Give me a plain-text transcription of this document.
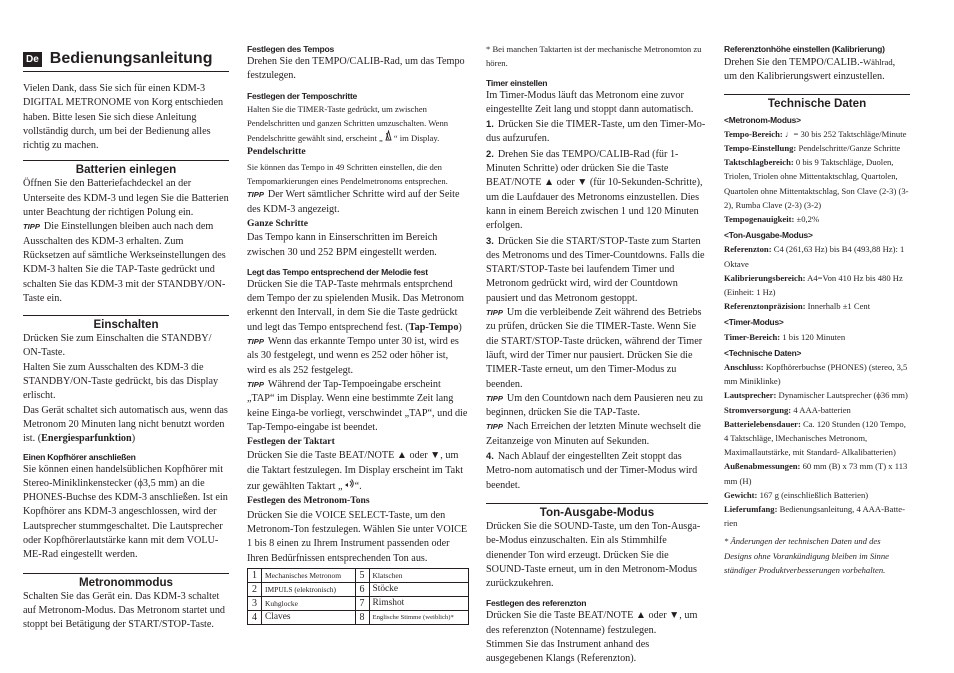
De Bedienungsanleitung

Vielen Dank, dass Sie sich für einen KDM-3 DIGITAL METRONOME von Korg entschieden haben. Bitte lesen Sie sich diese Anleitung vollständig durch, um bei der Bedienung alles richtig zu machen.

Batterien einlegen

Öffnen Sie den Batteriefachdeckel an der Unterseite des KDM-3 und legen Sie die Batterien unter Beachtung der richtigen Polung ein.

TIPP Die Einstellungen bleiben auch nach dem Ausschalten des KDM-3 erhalten. Zum Rücksetzen auf sämtliche Werkseinstellungen des KDM-3 halten Sie die TAP-Taste gedrückt und schalten Sie das KDM-3 mit der STANDBY/ON-Taste ein.

Einschalten

Drücken Sie zum Einschalten die STANDBY/ ON-Taste.

Halten Sie zum Ausschalten des KDM-3 die STANDBY/ON-Taste gedrückt, bis das Display erlischt.

Das Gerät schaltet sich automatisch aus, wenn das Metronom 20 Minuten lang nicht benutzt worden ist. (Energiesparfunktion)

Einen Kopfhörer anschließen

Sie können einen handelsüblichen Kopfhörer mit Stereo-Miniklinkenstecker (ϕ3,5 mm) an die PHONES-Buchse des KDM-3 anschließen. Ist ein Kopfhörer ans KDM-3 angeschlossen, wird der Lautsprecher stummgeschaltet. Die Lautsprecher oder Kopfhörerlautstärke kann mit dem VOLU-ME-Rad eingestellt werden.

Metronommodus

Schalten Sie das Gerät ein. Das KDM-3 schaltet auf Metronom-Modus. Das Metronom startet und stoppt bei Betätigung der START/STOP-Taste.

Festlegen des Tempos

Drehen Sie den TEMPO/CALIB-Rad, um das Tempo festzulegen.

Festlegen der Temposchritte

Halten Sie die TIMER-Taste gedrückt, um zwischen Pendelschritten und ganzen Schritten umzuschalten. Wenn Pendelschritte gewählt sind, erscheint „ “ im Display.

Pendelschritte

Sie können das Tempo in 49 Schritten einstellen, die den Tempomarkierungen eines Pendelmetronoms entsprechen.

TIPP Der Wert sämtlicher Schritte wird auf der Seite des KDM-3 angezeigt.

Ganze Schritte

Das Tempo kann in Einserschritten im Bereich zwischen 30 und 252 BPM eingestellt werden.

Legt das Tempo entsprechend der Melodie fest

Drücken Sie die TAP-Taste mehrmals entsprchend dem Tempo der zu spielenden Musik. Das Metronom erkennt den Intervall, in dem Sie die Taste gedrückt und legt das Tempo entsprechend fest. (Tap-Tempo)

TIPP Wenn das erkannte Tempo unter 30 ist, wird es als 30 festgelegt, und wenn es 252 oder höher ist, wird es als 252 festgelegt.

TIPP Während der Tap-Tempoeingabe erscheint „TAP“ im Display. Wenn eine bestimmte Zeit lang keine Einga-be vorliegt, verschwindet „TAP“, und die Tap-Tempo-eingabe ist beendet.

Festlegen der Taktart

Drücken Sie die Taste BEAT/NOTE ▲ oder ▼, um die Taktart festzulegen. Im Display erscheint im Takt zur gewählten Taktart „ “.

Festlegen des Metronom-Tons

Drücken Sie die VOICE SELECT-Taste, um den Metronom-Ton festzulegen. Wählen Sie unter VOICE 1 bis 8 einen zu Ihrem Instrument passenden oder Ihren Bedürfnissen entsprechenden Ton aus.

1	Mechanisches Metronom	5	Klatschen
2	IMPULS (elektronisch)	6	Stöcke
3	Kuhglocke	7	Rimshot
4	Claves	8	Englische Stimme (weiblich)*

* Bei manchen Taktarten ist der mechanische Metronomton zu hören.

Timer einstellen

Im Timer-Modus läuft das Metronom eine zuvor eingestellte Zeit lang und stoppt dann automatisch.

1. Drücken Sie die TIMER-Taste, um den Timer-Mo-dus aufzurufen.

2. Drehen Sie das TEMPO/CALIB-Rad (für 1-Minuten Schritte) oder drücken Sie die Taste BEAT/NOTE ▲ oder ▼ (für 10-Sekunden-Schritte), um die Laufdauer des Metronoms einzustellen. Dies kann in einem Bereich zwischen 1 und 120 Minuten erfolgen.

3. Drücken Sie die START/STOP-Taste zum Starten des Metronoms und des Timer-Countdowns. Falls die START/STOP-Taste bei laufendem Timer und Metronom gedrückt wird, wird der Countdown pausiert und das Metronom gestoppt.

TIPP Um die verbleibende Zeit während des Betriebs zu prüfen, drücken Sie die TIMER-Taste. Wenn Sie die START/STOP-Taste drücken, während der Timer läuft, wird der Timer nur pausiert. Drücken Sie die TIMER-Taste erneut, um den Timer-Modus zu beenden.

TIPP Um den Countdown nach dem Pausieren neu zu beginnen, drücken Sie die TAP-Taste.

TIPP Nach Erreichen der letzten Minute wechselt die Zeitanzeige von Minuten auf Sekunden.

4. Nach Ablauf der eingestellten Zeit stoppt das Metro-nom automatisch und der Timer-Modus wird beendet.

Ton-Ausgabe-Modus

Drücken Sie die SOUND-Taste, um den Ton-Ausga-be-Modus einzuschalten. Ein als Stimmhilfe dienender Ton wird erzeugt. Drücken Sie die SOUND-Taste erneut, um in den Metronom-Modus zurückzukehren.

Festlegen des referenzton

Drücken Sie die Taste BEAT/NOTE ▲ oder ▼, um des referenzton (Notenname) festzulegen.

Stimmen Sie das Instrument anhand des ausgegebenen Klangs (Referenzton).

Referenztonhöhe einstellen (Kalibrierung)

Drehen Sie den TEMPO/CALIB.-Wählrad, um den Kalibrierungswert einzustellen.

Technische Daten

<Metronom-Modus>

Tempo-Bereich: ♩= 30 bis 252 Taktschläge/Minute

Tempo-Einstellung: Pendelschritte/Ganze Schritte

Taktschlagbereich: 0 bis 9 Taktschläge, Duolen, Triolen, Triolen ohne Mittentaktschlag, Quartolen, Quartolen ohne Mittentaktschlag, Son Clave (2-3) (3-2), Rumba Clave (2-3) (3-2)

Tempogenauigkeit: ±0,2%

<Ton-Ausgabe-Modus>

Referenzton: C4 (261,63 Hz) bis B4 (493,88 Hz): 1 Oktave

Kalibrierungsbereich: A4=Von 410 Hz bis 480 Hz (Einheit: 1 Hz)

Referenztonpräzision: Innerhalb ±1 Cent

<Timer-Modus>

Timer-Bereich: 1 bis 120 Minuten

<Technische Daten>

Anschluss: Kopfhörerbuchse (PHONES) (stereo, 3,5 mm Miniklinke)

Lautsprecher: Dynamischer Lautsprecher (ϕ36 mm)

Stromversorgung: 4 AAA-batterien

Batterielebensdauer: Ca. 120 Stunden (120 Tempo, 4 Taktschläge, lMechanisches Metronom, Maximallautstärke, mit Standard- Alkalibatterien)

Außenabmessungen: 60 mm (B) x 73 mm (T) x 113 mm (H)

Gewicht: 167 g (einschließlich Batterien)

Lieferumfang: Bedienungsanleitung, 4 AAA-Batte-rien

* Änderungen der technischen Daten und des Designs ohne Vorankündigung bleiben im Sinne ständiger Produktverbesserungen vorbehalten.
